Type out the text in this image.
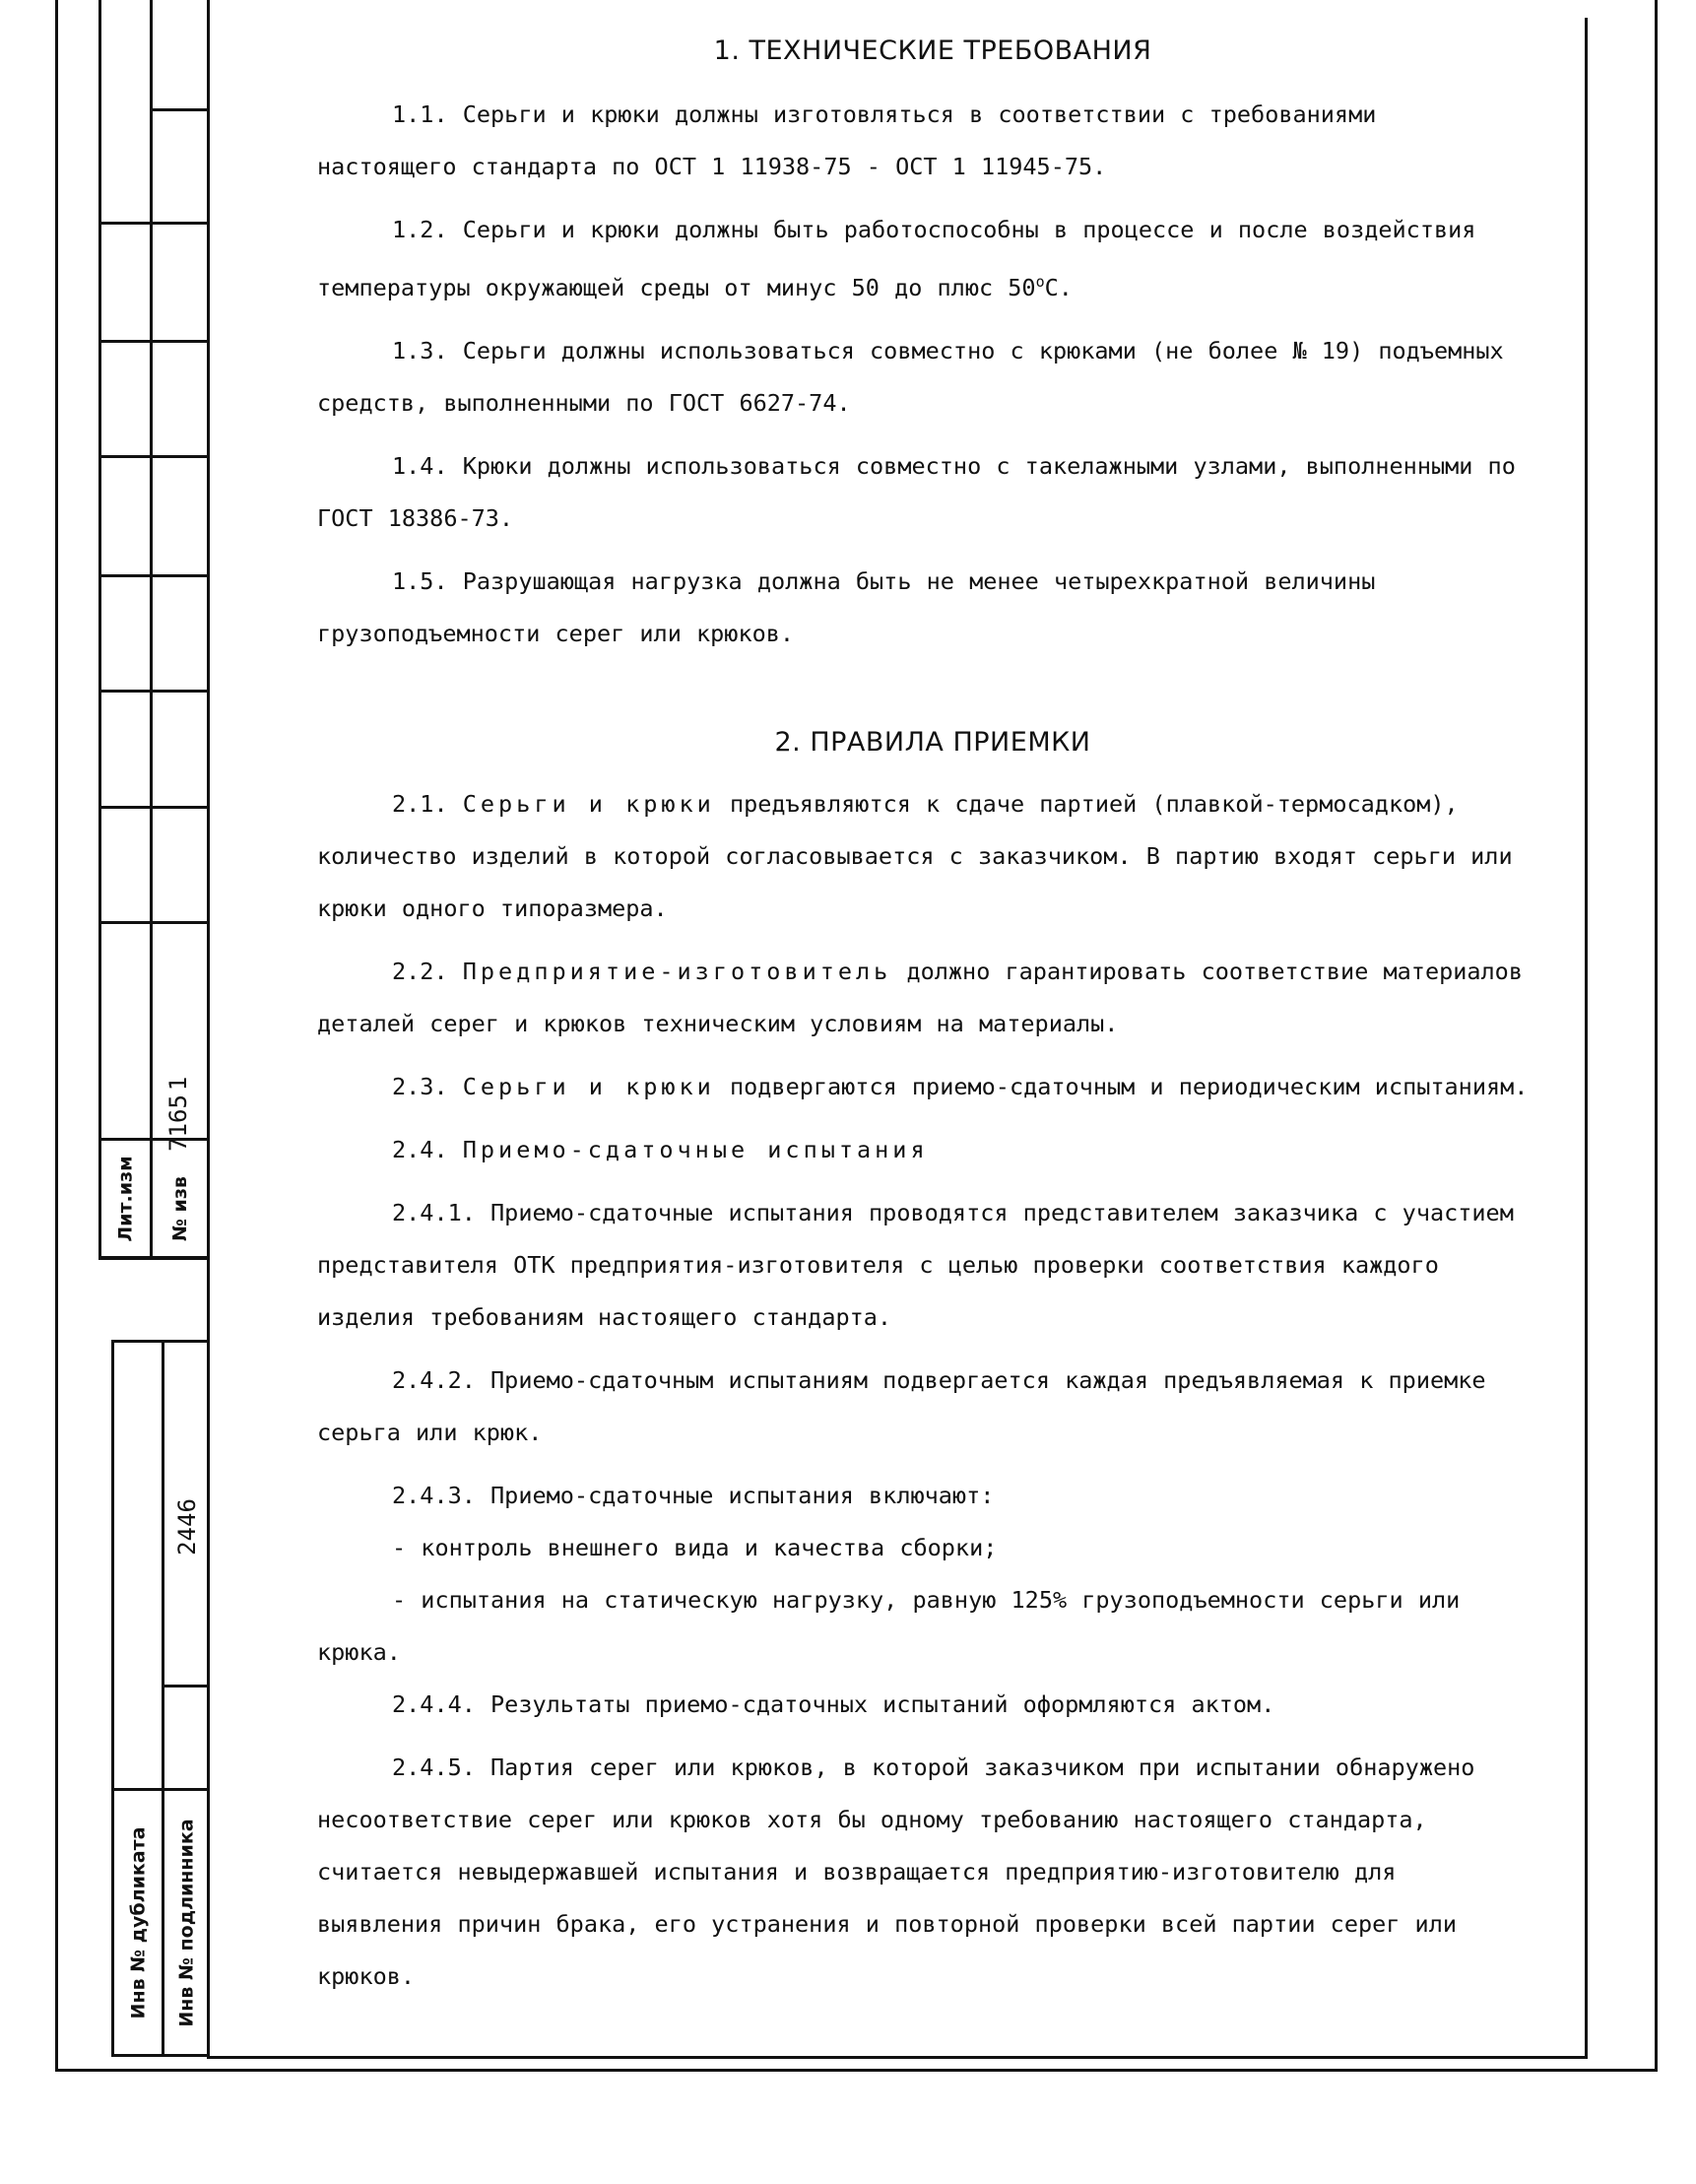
1
7165
Лит.изм № изв
2446
Инв № дубликата Инв № подлинника

1. ТЕХНИЧЕСКИЕ ТРЕБОВАНИЯ

1.1. Серьги и крюки должны изготовляться в соответствии с требованиями настоящего стандарта по ОСТ 1 11938-75 - ОСТ 1 11945-75.

1.2. Серьги и крюки должны быть работоспособны в процессе и после воздействия температуры окружающей среды от минус 50 до плюс 50$^o$С.

1.3. Серьги должны использоваться совместно с крюками (не более № 19) подъемных средств, выполненными по ГОСТ 6627-74.

1.4. Крюки должны использоваться совместно с такелажными узлами, выполненными по ГОСТ 18386-73.

1.5. Разрушающая нагрузка должна быть не менее четырехкратной величины грузоподъемности серег или крюков.

2. ПРАВИЛА ПРИЕМКИ

2.1. Серьги и крюки предъявляются к сдаче партией (плавкой-термосадком), количество изделий в которой согласовывается с заказчиком. В партию входят серьги или крюки одного типоразмера.

2.2. Предприятие-изготовитель должно гарантировать соответствие материалов деталей серег и крюков техническим условиям на материалы.

2.3. Серьги и крюки подвергаются приемо-сдаточным и периодическим испытаниям.

2.4. Приемо-сдаточные испытания

2.4.1. Приемо-сдаточные испытания проводятся представителем заказчика с участием представителя ОТК предприятия-изготовителя с целью проверки соответствия каждого изделия требованиям настоящего стандарта.

2.4.2. Приемо-сдаточным испытаниям подвергается каждая предъявляемая к приемке серьга или крюк.

2.4.3. Приемо-сдаточные испытания включают:

- контроль внешнего вида и качества сборки;

- испытания на статическую нагрузку, равную 125% грузоподъемности серьги или крюка.

2.4.4. Результаты приемо-сдаточных испытаний оформляются актом.

2.4.5. Партия серег или крюков, в которой заказчиком при испытании обнаружено несоответствие серег или крюков хотя бы одному требованию настоящего стандарта, считается невыдержавшей испытания и возвращается предприятию-изготовителю для выявления причин брака, его устранения и повторной проверки всей партии серег или крюков.
